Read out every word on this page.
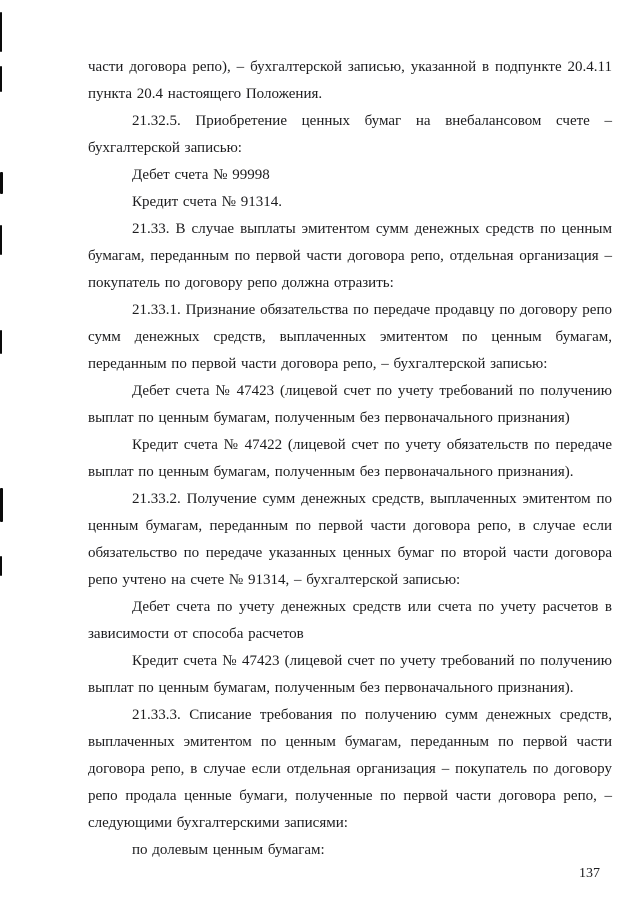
части договора репо), – бухгалтерской записью, указанной в подпункте 20.4.11 пункта 20.4 настоящего Положения.

21.32.5. Приобретение ценных бумаг на внебалансовом счете – бухгалтерской записью:

Дебет счета № 99998

Кредит счета № 91314.

21.33. В случае выплаты эмитентом сумм денежных средств по ценным бумагам, переданным по первой части договора репо, отдельная организация – покупатель по договору репо должна отразить:

21.33.1. Признание обязательства по передаче продавцу по договору репо сумм денежных средств, выплаченных эмитентом по ценным бумагам, переданным по первой части договора репо, – бухгалтерской записью:

Дебет счета № 47423 (лицевой счет по учету требований по получению выплат по ценным бумагам, полученным без первоначального признания)

Кредит счета № 47422 (лицевой счет по учету обязательств по передаче выплат по ценным бумагам, полученным без первоначального признания).

21.33.2. Получение сумм денежных средств, выплаченных эмитентом по ценным бумагам, переданным по первой части договора репо, в случае если обязательство по передаче указанных ценных бумаг по второй части договора репо учтено на счете № 91314, – бухгалтерской записью:

Дебет счета по учету денежных средств или счета по учету расчетов в зависимости от способа расчетов

Кредит счета № 47423 (лицевой счет по учету требований по получению выплат по ценным бумагам, полученным без первоначального признания).

21.33.3. Списание требования по получению сумм денежных средств, выплаченных эмитентом по ценным бумагам, переданным по первой части договора репо, в случае если отдельная организация – покупатель по договору репо продала ценные бумаги, полученные по первой части договора репо, – следующими бухгалтерскими записями:

по долевым ценным бумагам:

137
